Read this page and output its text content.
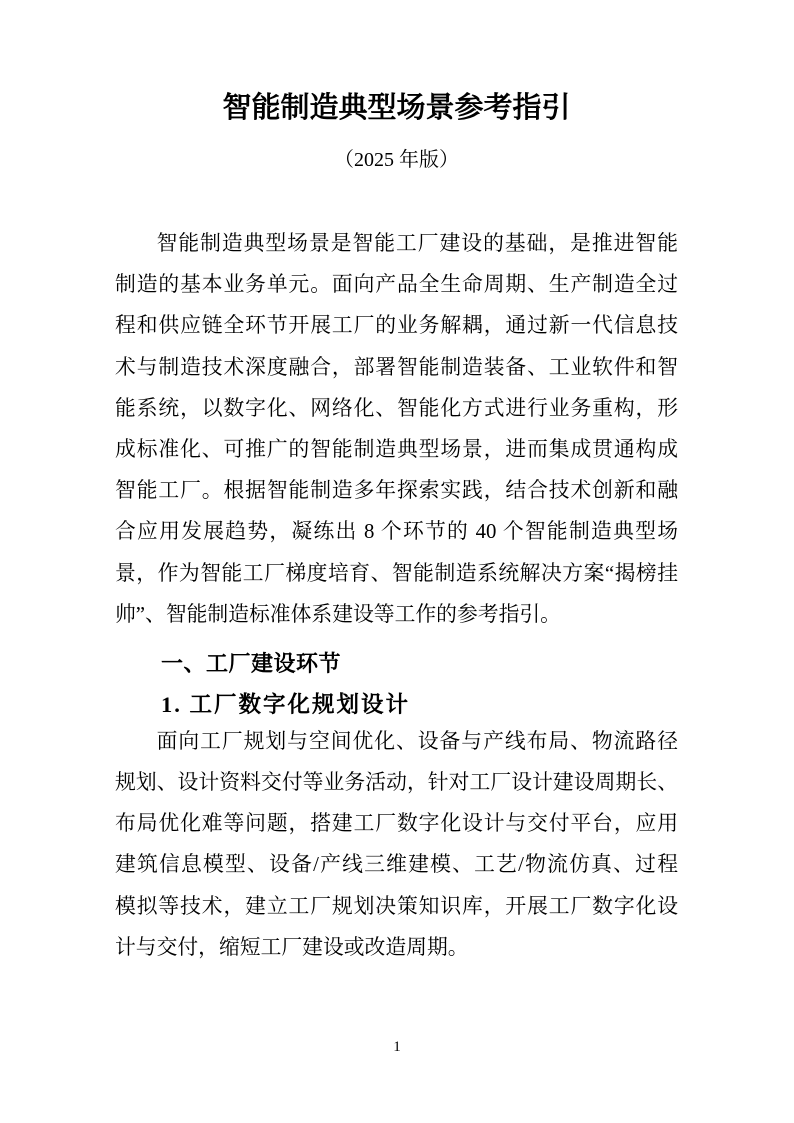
智能制造典型场景参考指引
（2025 年版）
智能制造典型场景是智能工厂建设的基础，是推进智能
制造的基本业务单元。面向产品全生命周期、生产制造全过
程和供应链全环节开展工厂的业务解耦，通过新一代信息技
术与制造技术深度融合，部署智能制造装备、工业软件和智
能系统，以数字化、网络化、智能化方式进行业务重构，形
成标准化、可推广的智能制造典型场景，进而集成贯通构成
智能工厂。根据智能制造多年探索实践，结合技术创新和融
合应用发展趋势，凝练出 8 个环节的 40 个智能制造典型场
景，作为智能工厂梯度培育、智能制造系统解决方案“揭榜挂
帅”、智能制造标准体系建设等工作的参考指引。
一、工厂建设环节
1. 工厂数字化规划设计
面向工厂规划与空间优化、设备与产线布局、物流路径
规划、设计资料交付等业务活动，针对工厂设计建设周期长、
布局优化难等问题，搭建工厂数字化设计与交付平台，应用
建筑信息模型、设备/产线三维建模、工艺/物流仿真、过程
模拟等技术，建立工厂规划决策知识库，开展工厂数字化设
计与交付，缩短工厂建设或改造周期。
1
